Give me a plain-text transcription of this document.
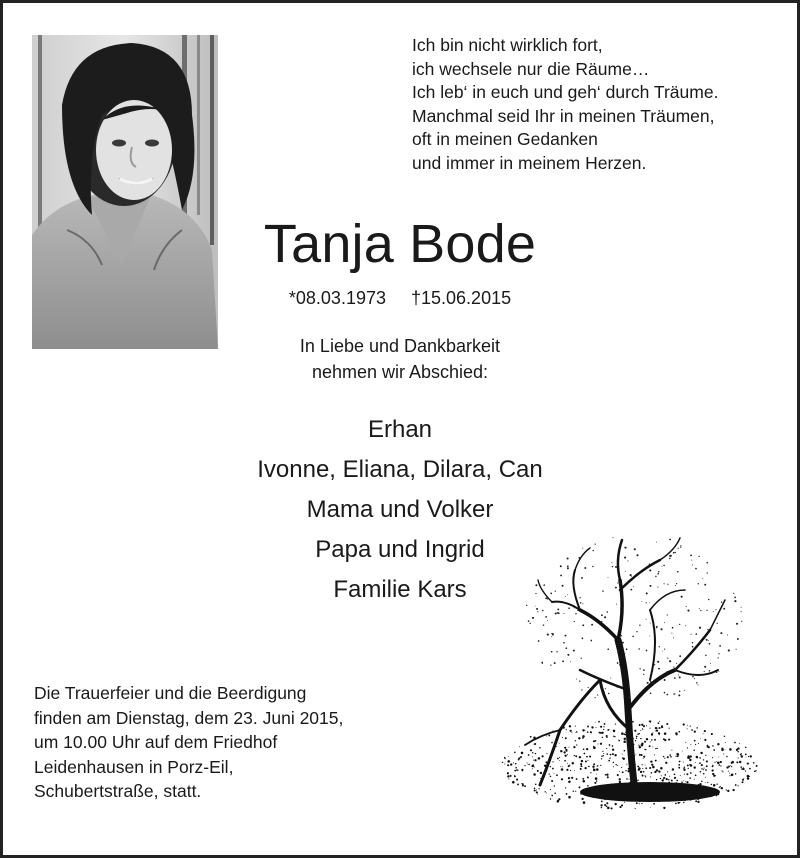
Ich bin nicht wirklich fort,
ich wechsele nur die Räume…
Ich leb‘ in euch und geh‘ durch Träume.
Manchmal seid Ihr in meinen Träumen,
oft in meinen Gedanken
und immer in meinem Herzen.
Tanja Bode
*08.03.1973 †15.06.2015
In Liebe und Dankbarkeit
nehmen wir Abschied:
Erhan
Ivonne, Eliana, Dilara, Can
Mama und Volker
Papa und Ingrid
Familie Kars
Die Trauerfeier und die Beerdigung
finden am Dienstag, dem 23. Juni 2015,
um 10.00 Uhr auf dem Friedhof
Leidenhausen in Porz-Eil,
Schubertstraße, statt.
